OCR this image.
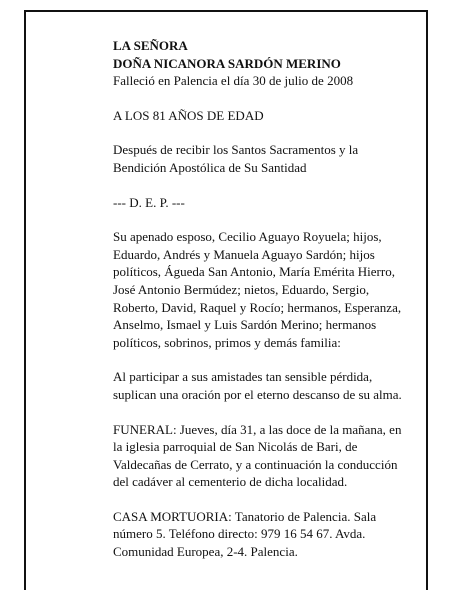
LA SEÑORA

DOÑA NICANORA SARDÓN MERINO

Falleció en Palencia el día 30 de julio de 2008

A LOS 81 AÑOS DE EDAD

Después de recibir los Santos Sacramentos y la Bendición Apostólica de Su Santidad

--- D. E. P. ---

Su apenado esposo, Cecilio Aguayo Royuela; hijos, Eduardo, Andrés y Manuela Aguayo Sardón; hijos políticos, Águeda San Antonio, María Emérita Hierro, José Antonio Bermúdez; nietos, Eduardo, Sergio, Roberto, David, Raquel y Rocío; hermanos, Esperanza, Anselmo, Ismael y Luis Sardón Merino; hermanos políticos, sobrinos, primos y demás familia:

Al participar a sus amistades tan sensible pérdida, suplican una oración por el eterno descanso de su alma.

FUNERAL: Jueves, día 31, a las doce de la mañana, en la iglesia parroquial de San Nicolás de Bari, de Valdecañas de Cerrato, y a continuación la conducción del cadáver al cementerio de dicha localidad.

CASA MORTUORIA: Tanatorio de Palencia. Sala número 5. Teléfono directo: 979 16 54 67. Avda. Comunidad Europea, 2-4. Palencia.
